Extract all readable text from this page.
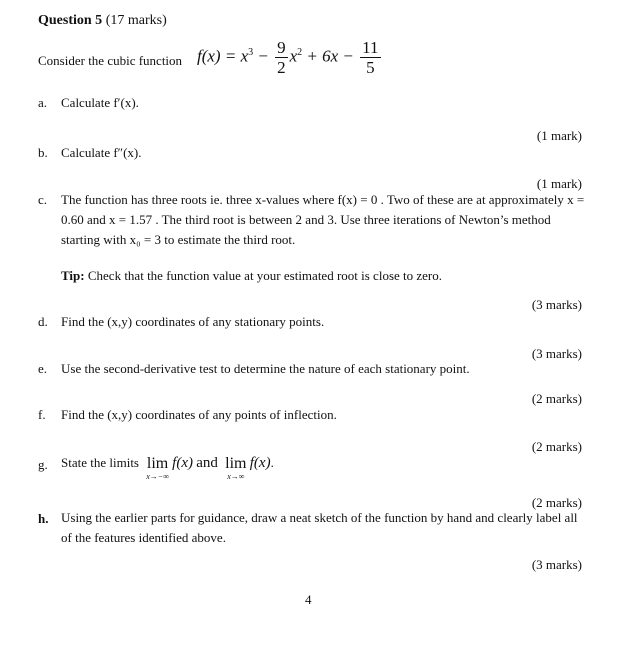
Question 5 (17 marks)
Consider the cubic function $f(x) = x^3 - \frac{9}{2} x^2 + 6x - \frac{11}{5}$
a. Calculate f′(x).
(1 mark)
b. Calculate f″(x).
(1 mark)
c. The function has three roots ie. three x-values where f(x) = 0 . Two of these are at approximately x = 0.60 and x = 1.57 . The third root is between 2 and 3. Use three iterations of Newton’s method starting with x₀ = 3 to estimate the third root.
Tip: Check that the function value at your estimated root is close to zero.
(3 marks)
d. Find the (x,y) coordinates of any stationary points.
(3 marks)
e. Use the second-derivative test to determine the nature of each stationary point.
(2 marks)
f. Find the (x,y) coordinates of any points of inflection.
(2 marks)
g. State the limits lim
x→−∞
f(x) and lim
x→∞
f(x).
(2 marks)
h. Using the earlier parts for guidance, draw a neat sketch of the function by hand and clearly label all of the features identified above.
(3 marks)
4
